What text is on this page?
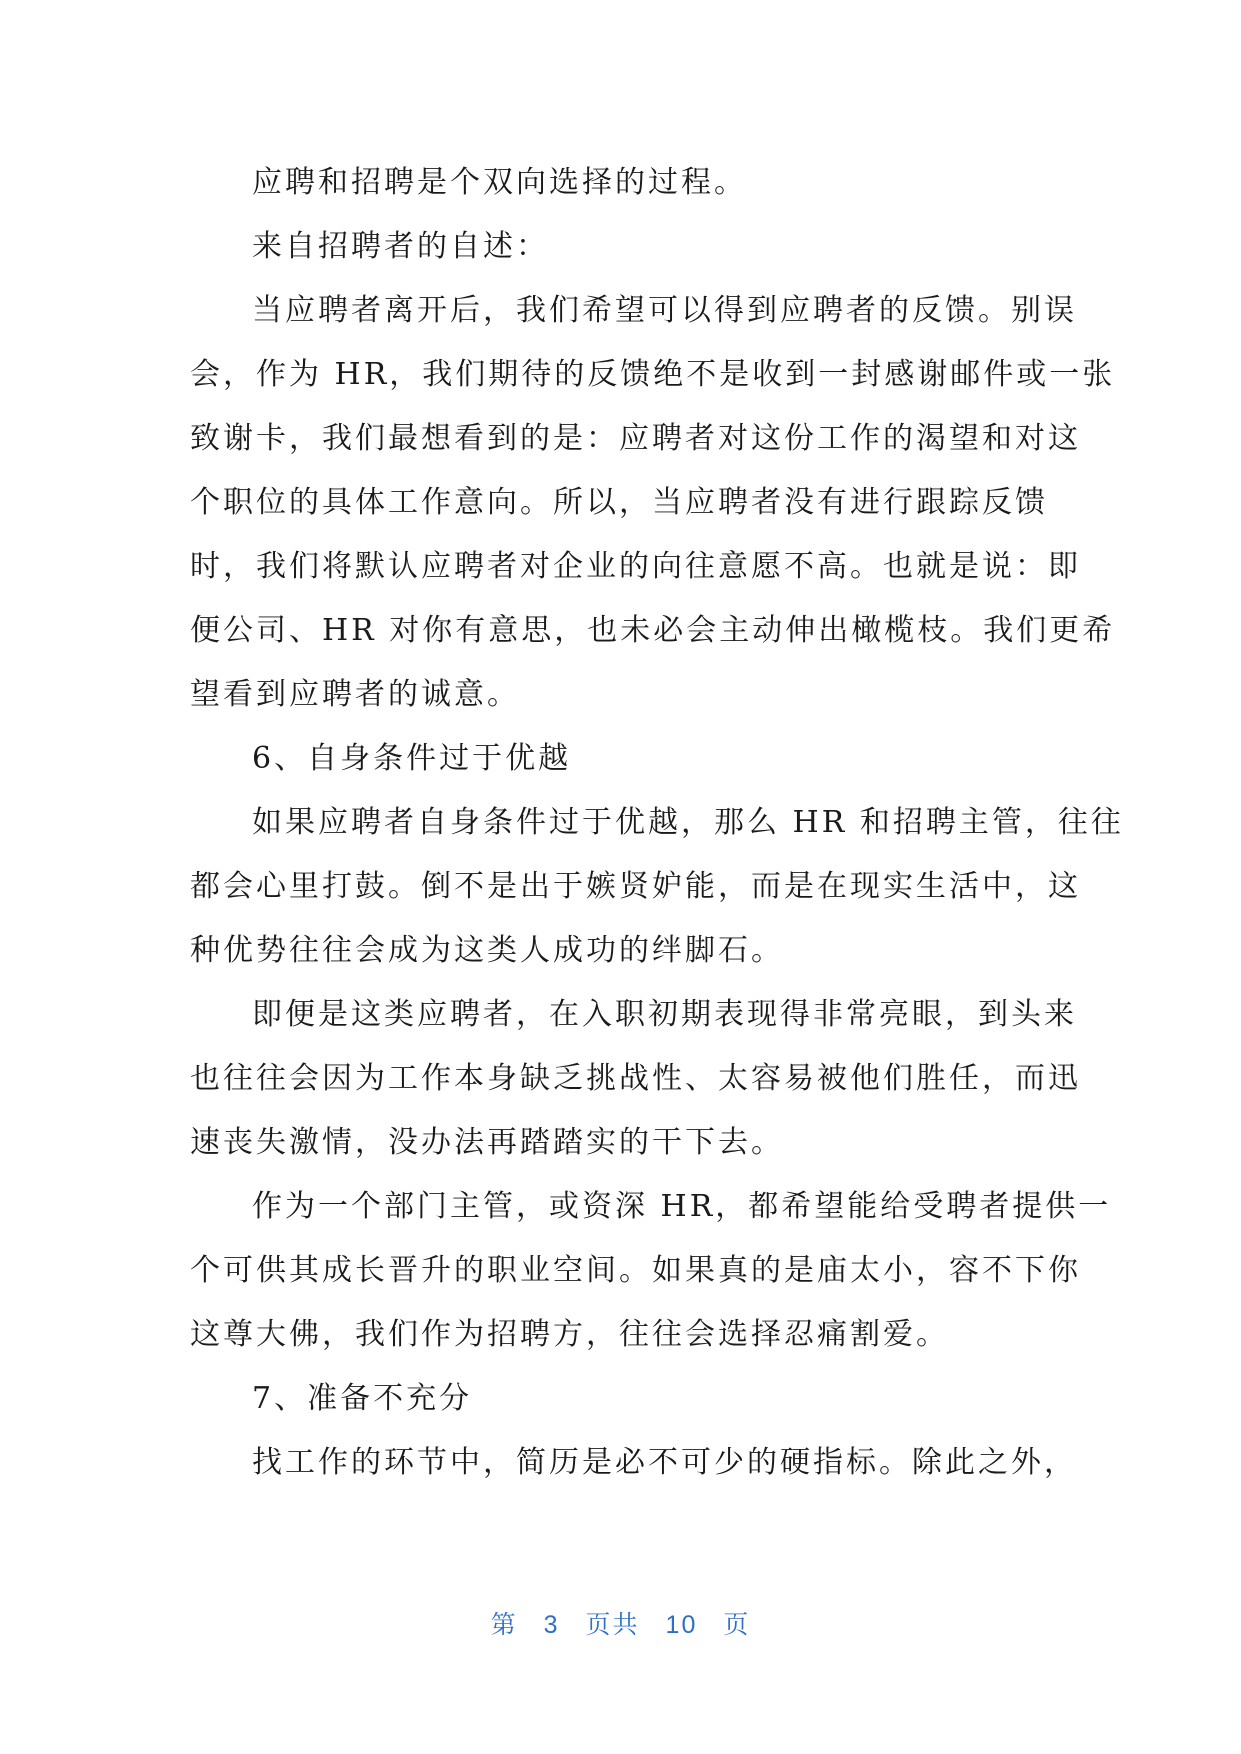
应聘和招聘是个双向选择的过程。
来自招聘者的自述：
当应聘者离开后，我们希望可以得到应聘者的反馈。别误
会，作为 HR，我们期待的反馈绝不是收到一封感谢邮件或一张
致谢卡，我们最想看到的是：应聘者对这份工作的渴望和对这
个职位的具体工作意向。所以，当应聘者没有进行跟踪反馈
时，我们将默认应聘者对企业的向往意愿不高。也就是说：即
便公司、HR 对你有意思，也未必会主动伸出橄榄枝。我们更希
望看到应聘者的诚意。
6、自身条件过于优越
如果应聘者自身条件过于优越，那么 HR 和招聘主管，往往
都会心里打鼓。倒不是出于嫉贤妒能，而是在现实生活中，这
种优势往往会成为这类人成功的绊脚石。
即便是这类应聘者，在入职初期表现得非常亮眼，到头来
也往往会因为工作本身缺乏挑战性、太容易被他们胜任，而迅
速丧失激情，没办法再踏踏实的干下去。
作为一个部门主管，或资深 HR，都希望能给受聘者提供一
个可供其成长晋升的职业空间。如果真的是庙太小，容不下你
这尊大佛，我们作为招聘方，往往会选择忍痛割爱。
7、准备不充分
找工作的环节中，简历是必不可少的硬指标。除此之外，
第 3 页共 10 页
